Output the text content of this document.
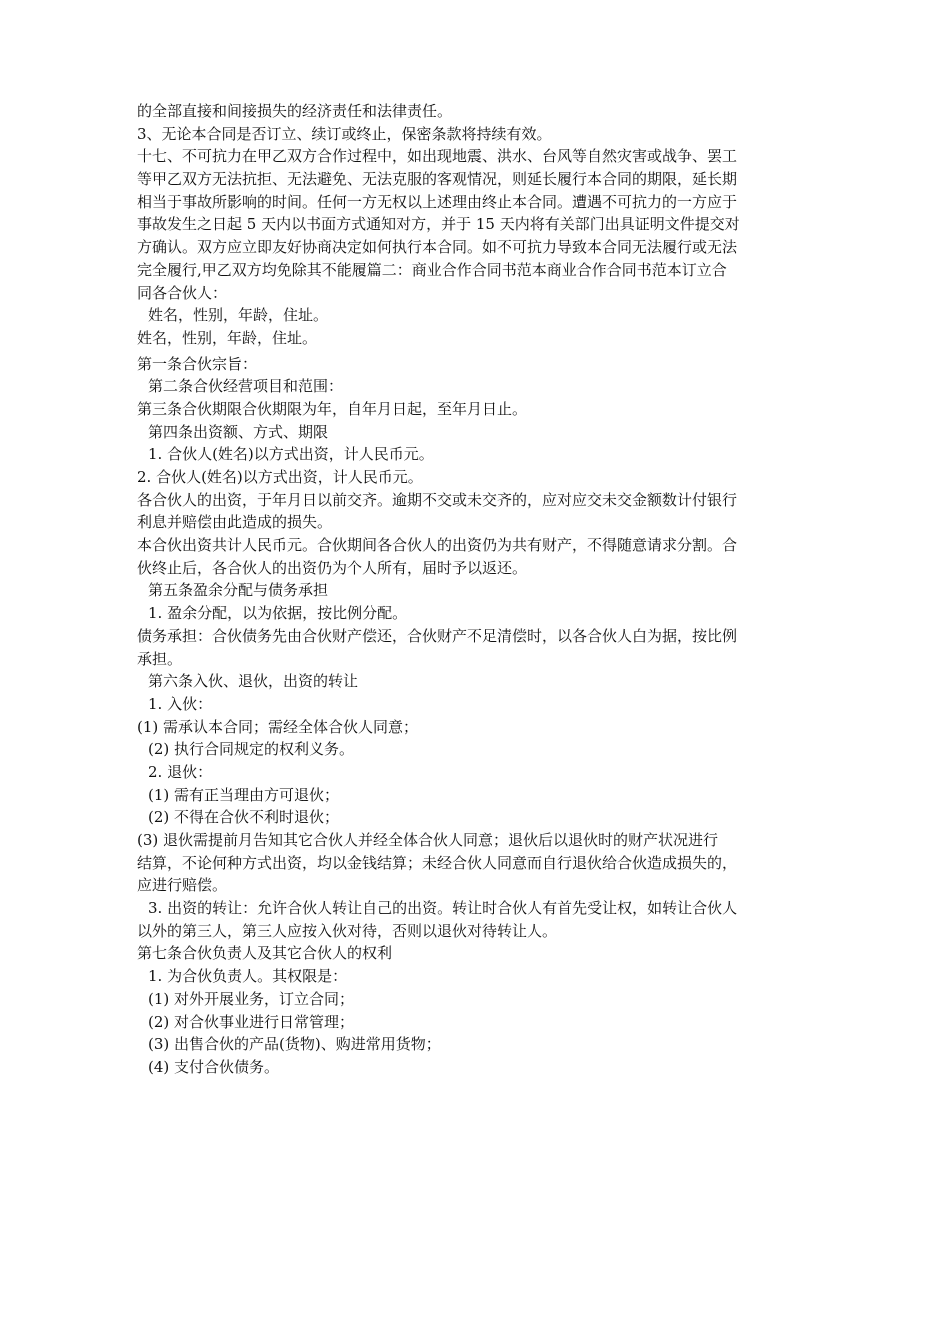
的全部直接和间接损失的经济责任和法律责任。
3、无论本合同是否订立、续订或终止，保密条款将持续有效。
十七、不可抗力在甲乙双方合作过程中，如出现地震、洪水、台风等自然灾害或战争、罢工
等甲乙双方无法抗拒、无法避免、无法克服的客观情况，则延长履行本合同的期限，延长期
相当于事故所影响的时间。任何一方无权以上述理由终止本合同。遭遇不可抗力的一方应于
事故发生之日起 5 天内以书面方式通知对方，并于 15 天内将有关部门出具证明文件提交对
方确认。双方应立即友好协商决定如何执行本合同。如不可抗力导致本合同无法履行或无法
完全履行,甲乙双方均免除其不能履篇二：商业合作合同书范本商业合作合同书范本订立合
同各合伙人：
姓名，性别，年龄，住址。
姓名，性别，年龄，住址。
第一条合伙宗旨：
第二条合伙经营项目和范围：
第三条合伙期限合伙期限为年，自年月日起，至年月日止。
第四条出资额、方式、期限
1. 合伙人(姓名)以方式出资，计人民币元。
2. 合伙人(姓名)以方式出资，计人民币元。
各合伙人的出资，于年月日以前交齐。逾期不交或未交齐的，应对应交未交金额数计付银行
利息并赔偿由此造成的损失。
本合伙出资共计人民币元。合伙期间各合伙人的出资仍为共有财产，不得随意请求分割。合
伙终止后，各合伙人的出资仍为个人所有，届时予以返还。
第五条盈余分配与债务承担
1. 盈余分配，以为依据，按比例分配。
债务承担：合伙债务先由合伙财产偿还，合伙财产不足清偿时，以各合伙人白为据，按比例
承担。
第六条入伙、退伙，出资的转让
1. 入伙：
(1) 需承认本合同；需经全体合伙人同意；
(2) 执行合同规定的权利义务。
2. 退伙：
(1) 需有正当理由方可退伙；
(2) 不得在合伙不利时退伙；
(3) 退伙需提前月告知其它合伙人并经全体合伙人同意；退伙后以退伙时的财产状况进行
结算，不论何种方式出资，均以金钱结算；未经合伙人同意而自行退伙给合伙造成损失的，
应进行赔偿。
3. 出资的转让：允许合伙人转让自己的出资。转让时合伙人有首先受让权，如转让合伙人
以外的第三人，第三人应按入伙对待，否则以退伙对待转让人。
第七条合伙负责人及其它合伙人的权利
1. 为合伙负责人。其权限是：
(1) 对外开展业务，订立合同；
(2) 对合伙事业进行日常管理；
(3) 出售合伙的产品(货物)、购进常用货物；
(4) 支付合伙债务。
